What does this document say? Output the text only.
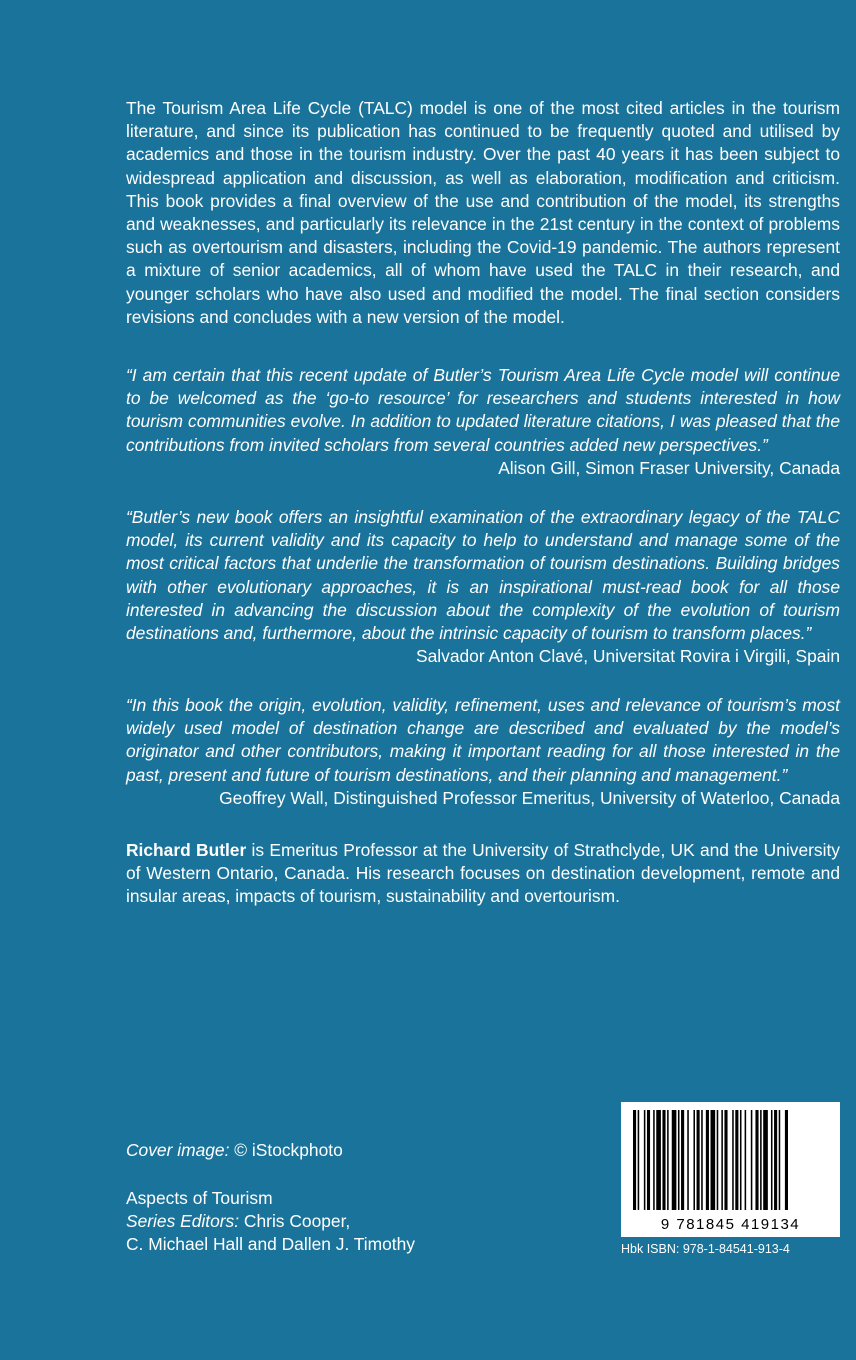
The Tourism Area Life Cycle (TALC) model is one of the most cited articles in the tourism literature, and since its publication has continued to be frequently quoted and utilised by academics and those in the tourism industry. Over the past 40 years it has been subject to widespread application and discussion, as well as elaboration, modification and criticism. This book provides a final overview of the use and contribution of the model, its strengths and weaknesses, and particularly its relevance in the 21st century in the context of problems such as overtourism and disasters, including the Covid-19 pandemic. The authors represent a mixture of senior academics, all of whom have used the TALC in their research, and younger scholars who have also used and modified the model. The final section considers revisions and concludes with a new version of the model.

“I am certain that this recent update of Butler’s Tourism Area Life Cycle model will continue to be welcomed as the ‘go-to resource’ for researchers and students interested in how tourism communities evolve. In addition to updated literature citations, I was pleased that the contributions from invited scholars from several countries added new perspectives.”

Alison Gill, Simon Fraser University, Canada

“Butler’s new book offers an insightful examination of the extraordinary legacy of the TALC model, its current validity and its capacity to help to understand and manage some of the most critical factors that underlie the transformation of tourism destinations. Building bridges with other evolutionary approaches, it is an inspirational must-read book for all those interested in advancing the discussion about the complexity of the evolution of tourism destinations and, furthermore, about the intrinsic capacity of tourism to transform places.”

Salvador Anton Clavé, Universitat Rovira i Virgili, Spain

“In this book the origin, evolution, validity, refinement, uses and relevance of tourism’s most widely used model of destination change are described and evaluated by the model’s originator and other contributors, making it important reading for all those interested in the past, present and future of tourism destinations, and their planning and management.”

Geoffrey Wall, Distinguished Professor Emeritus, University of Waterloo, Canada

Richard Butler is Emeritus Professor at the University of Strathclyde, UK and the University of Western Ontario, Canada. His research focuses on destination development, remote and insular areas, impacts of tourism, sustainability and overtourism.

Cover image: © iStockphoto
Aspects of Tourism
Series Editors: Chris Cooper,
C. Michael Hall and Dallen J. Timothy
9 781845 419134
Hbk ISBN: 978-1-84541-913-4
